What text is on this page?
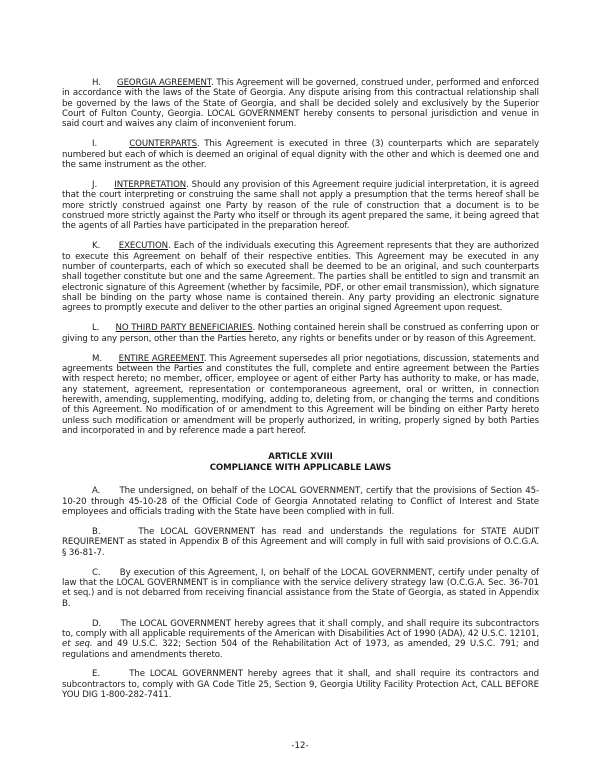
H. GEORGIA AGREEMENT. This Agreement will be governed, construed under, performed and enforced in accordance with the laws of the State of Georgia. Any dispute arising from this contractual relationship shall be governed by the laws of the State of Georgia, and shall be decided solely and exclusively by the Superior Court of Fulton County, Georgia. LOCAL GOVERNMENT hereby consents to personal jurisdiction and venue in said court and waives any claim of inconvenient forum.

I.	COUNTERPARTS. This Agreement is executed in three (3) counterparts which are separately numbered but each of which is deemed an original of equal dignity with the other and which is deemed one and the same instrument as the other.

J. INTERPRETATION. Should any provision of this Agreement require judicial interpretation, it is agreed that the court interpreting or construing the same shall not apply a presumption that the terms hereof shall be more strictly construed against one Party by reason of the rule of construction that a document is to be construed more strictly against the Party who itself or through its agent prepared the same, it being agreed that the agents of all Parties have participated in the preparation hereof.

K. EXECUTION. Each of the individuals executing this Agreement represents that they are authorized to execute this Agreement on behalf of their respective entities. This Agreement may be executed in any number of counterparts, each of which so executed shall be deemed to be an original, and such counterparts shall together constitute but one and the same Agreement. The parties shall be entitled to sign and transmit an electronic signature of this Agreement (whether by facsimile, PDF, or other email transmission), which signature shall be binding on the party whose name is contained therein. Any party providing an electronic signature agrees to promptly execute and deliver to the other parties an original signed Agreement upon request.

L. NO THIRD PARTY BENEFICIARIES. Nothing contained herein shall be construed as conferring upon or giving to any person, other than the Parties hereto, any rights or benefits under or by reason of this Agreement.

M. ENTIRE AGREEMENT. This Agreement supersedes all prior negotiations, discussion, statements and agreements between the Parties and constitutes the full, complete and entire agreement between the Parties with respect hereto; no member, officer, employee or agent of either Party has authority to make, or has made, any statement, agreement, representation or contemporaneous agreement, oral or written, in connection herewith, amending, supplementing, modifying, adding to, deleting from, or changing the terms and conditions of this Agreement. No modification of or amendment to this Agreement will be binding on either Party hereto unless such modification or amendment will be properly authorized, in writing, properly signed by both Parties and incorporated in and by reference made a part hereof.

ARTICLE XVIII
COMPLIANCE WITH APPLICABLE LAWS

A. The undersigned, on behalf of the LOCAL GOVERNMENT, certify that the provisions of Section 45-10-20 through 45-10-28 of the Official Code of Georgia Annotated relating to Conflict of Interest and State employees and officials trading with the State have been complied with in full.

B.	The LOCAL GOVERNMENT has read and understands the regulations for STATE AUDIT REQUIREMENT as stated in Appendix B of this Agreement and will comply in full with said provisions of O.C.G.A. § 36-81-7.

C. By execution of this Agreement, I, on behalf of the LOCAL GOVERNMENT, certify under penalty of law that the LOCAL GOVERNMENT is in compliance with the service delivery strategy law (O.C.G.A. Sec. 36-701 et seq.) and is not debarred from receiving financial assistance from the State of Georgia, as stated in Appendix B.

D. The LOCAL GOVERNMENT hereby agrees that it shall comply, and shall require its subcontractors to, comply with all applicable requirements of the American with Disabilities Act of 1990 (ADA), 42 U.S.C. 12101, et seq. and 49 U.S.C. 322; Section 504 of the Rehabilitation Act of 1973, as amended, 29 U.S.C. 791; and regulations and amendments thereto.

E.	The LOCAL GOVERNMENT hereby agrees that it shall, and shall require its contractors and subcontractors to, comply with GA Code Title 25, Section 9, Georgia Utility Facility Protection Act, CALL BEFORE YOU DIG 1-800-282-7411.

-12-
